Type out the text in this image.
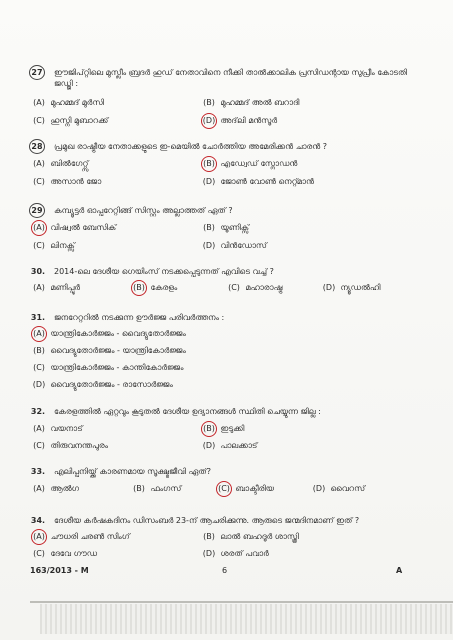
27	ഈജിപ്റ്റിലെ മുസ്ലീം ബ്രദർ ഹുഡ് നേതാവിനെ നീക്കി താൽക്കാലിക പ്രസിഡന്റായ സുപ്രീം കോടതി ജഡ്ജി :
(A) മുഹമ്മദ് മുർസി	(B) മുഹമ്മദ് അൽ ബറാദി
(C) ഹുസ്നി മുബാറക്ക്	(D) അദ്‌ലി മൻസൂർ
28	പ്രമുഖ രാഷ്ട്രീയ നേതാക്കളുടെ ഇ-മെയിൽ ചോർത്തിയ അമേരിക്കൻ ചാരൻ ?
(A) ബിൽഗേറ്റ്സ്	(B) എഡ്വേഡ് സ്നോഡൻ
(C) അസാൻ ജോ	(D) ജോൺ വോൺ നെറ്റ്മാൻ
29	കമ്പ്യൂട്ടർ ഓപ്പറേറ്റിങ്ങ് സിസ്റ്റം അല്ലാത്തത് ഏത് ?
(A) വിഷ്വൽ ബേസിക്	(B) യൂണിക്സ്
(C) ലിനക്സ്	(D) വിൻഡോസ്
30. 2014-ലെ ദേശീയ ഗെയിംസ് നടക്കപ്പെടുന്നത് എവിടെ വച്ച് ?
(A) മണിപ്പൂർ	(B) കേരളം	(C) മഹാരാഷ്ട്ര	(D) ന്യൂഡൽഹി
31. ജനറേറ്ററിൽ നടക്കുന്ന ഊർജ്ജ പരിവർത്തനം :
(A) യാന്ത്രികോർജ്ജം - വൈദ്യുതോർജ്ജം
(B) വൈദ്യുതോർജ്ജം - യാന്ത്രികോർജ്ജം
(C) യാന്ത്രികോർജ്ജം - കാന്തികോർജ്ജം
(D) വൈദ്യുതോർജ്ജം - രാസോർജ്ജം
32. കേരളത്തിൽ ഏറ്റവും കൂടുതൽ ദേശീയ ഉദ്യാനങ്ങൾ സ്ഥിതി ചെയ്യുന്ന ജില്ല :
(A) വയനാട്	(B) ഇടുക്കി
(C) തിരുവനന്തപുരം	(D) പാലക്കാട്
33. എലിപ്പനിയ്ക്ക് കാരണമായ സൂക്ഷ്മജീവി ഏത്?
(A) ആൽഗ	(B) ഫംഗസ്	(C) ബാക്ടീരിയ	(D) വൈറസ്
34. ദേശീയ കർഷകദിനം ഡിസംബർ 23-ന് ആചരിക്കുന്നു. ആരുടെ ജന്മദിനമാണ് ഇത് ?
(A) ചൗധരി ചരൺ സിംഗ്	(B) ലാൽ ബഹദൂർ ശാസ്ത്രി
(C) ദേവേ ഗൗഡ	(D) ശരത് പവാർ
163/2013 - M	6	A
